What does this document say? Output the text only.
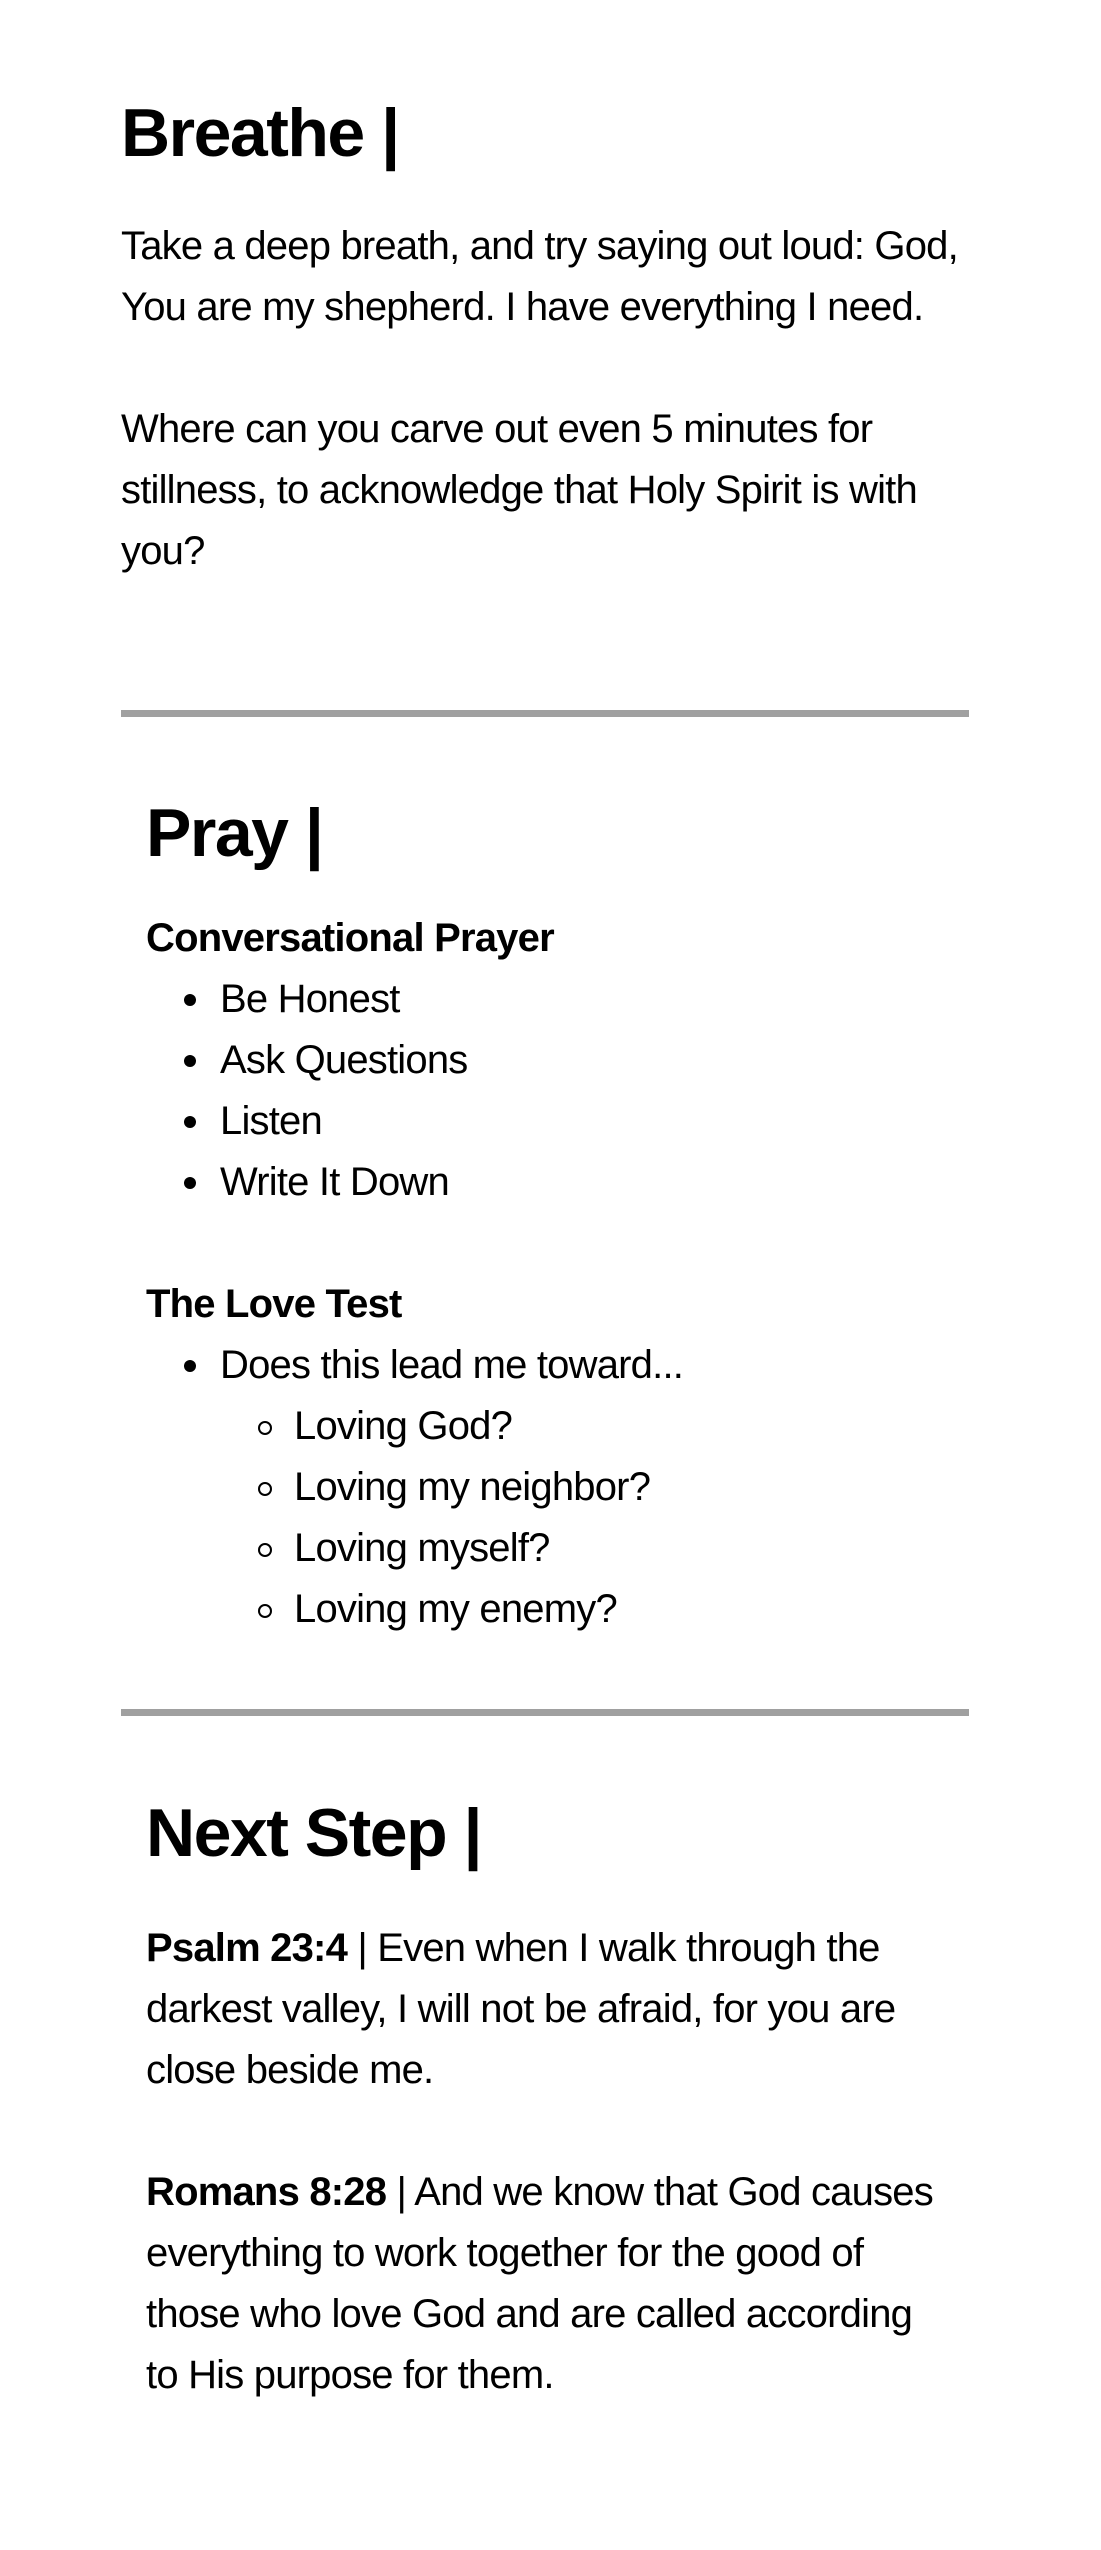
Breathe |

Take a deep breath, and try saying out loud: God, You are my shepherd. I have everything I need.

Where can you carve out even 5 minutes for stillness, to acknowledge that Holy Spirit is with you?

Pray |
Conversational Prayer
Be Honest
Ask Questions
Listen
Write It Down
The Love Test
Does this lead me toward...
Loving God?
Loving my neighbor?
Loving myself?
Loving my enemy?
Next Step |

Psalm 23:4 | Even when I walk through the darkest valley, I will not be afraid, for you are close beside me.

Romans 8:28 | And we know that God causes everything to work together for the good of those who love God and are called according to His purpose for them.
